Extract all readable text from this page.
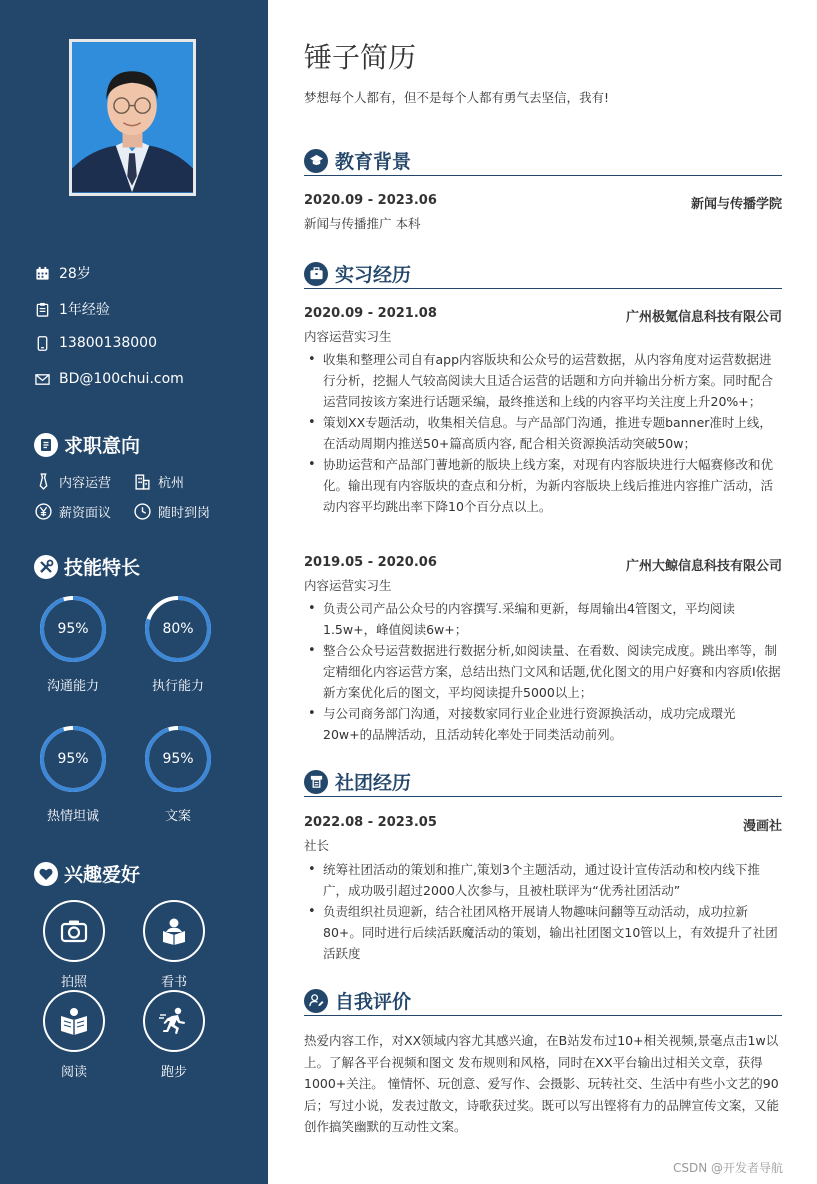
28岁
1年经验
13800138000
BD@100chui.com
求职意向
内容运营	杭州
薪资面议	随时到岗
技能特长
95%
沟通能力
80%
执行能力
95%
热情坦诚
95%
文案
兴趣爱好
拍照	看书
阅读	跑步
锤子简历
梦想每个人都有，但不是每个人都有勇气去坚信，我有!
教育背景
2020.09 - 2023.06	新闻与传播学院
新闻与传播推广 本科
实习经历
2020.09 - 2021.08	广州极氪信息科技有限公司
内容运营实习生
• 收集和整理公司自有app内容版块和公众号的运营数据，从内容角度对运营数据进行分析，挖掘人气较高阅读大且适合运营的话题和方向并输出分析方案。同时配合运营同按该方案进行话题采编，最终推送和上线的内容平均关注度上升20%+；
• 策划XX专题活动，收集相关信息。与产品部门沟通，推进专题banner准时上线，在活动周期内推送50+篇高质内容, 配合相关资源换活动突破50w；
• 协助运营和产品部门蓸地新的版块上线方案，对现有内容版块进行大幅赛修改和优化。输出现有内容版块的查点和分析，为新内容版块上线后推进内容推广活动，活动内容平均跳出率下降10个百分点以上。
2019.05 - 2020.06	广州大鲸信息科技有限公司
内容运营实习生
• 负责公司产品公众号的内容撰写.采编和更新，每周输出4管图文，平均阅读1.5w+，峰值阅读6w+；
• 整合公众号运营数据进行数据分析,如阅读量、在看数、阅读完成度。跳出率等，制定精细化内容运营方案，总结出热门文风和话题,优化图文的用户好赛和内容质I依据新方案优化后的图文，平均阅读提升5000以上；
• 与公司商务部门沟通，对接数家同行业企业进行资源换活动，成功完成環光20w+的品牌活动，且活动转化率处于同类活动前列。
社团经历
2022.08 - 2023.05	漫画社
社长
• 统筹社团活动的策划和推广,策划3个主题活动，通过设计宣传活动和校内线下推广，成功吸引超过2000人次参与，且被杜联评为“优秀社团活动”
• 负责组织社员迎新，结合社团风格开展请人物趣味问翻等互动活动，成功拉新80+。同时进行后续活跃魔活动的策划，输出社团图文10管以上，有效提升了社团活跃度
自我评价
热爱内容工作，对XX领域内容尤其感兴逾，在B站发布过10+相关视频,景毫点击1w以上。了解各平台视频和图文 发布规则和风格，同时在XX平台输出过相关文章，获得1000+关注。 憧情怀、玩创意、爱写作、会摄影、玩转社交、生活中有些小文艺的90后；写过小说，发表过散文，诗歌获过奖。既可以写出铿将有力的品牌宣传文案，又能创作搞笑幽默的互动性文案。
CSDN @开发者导航
